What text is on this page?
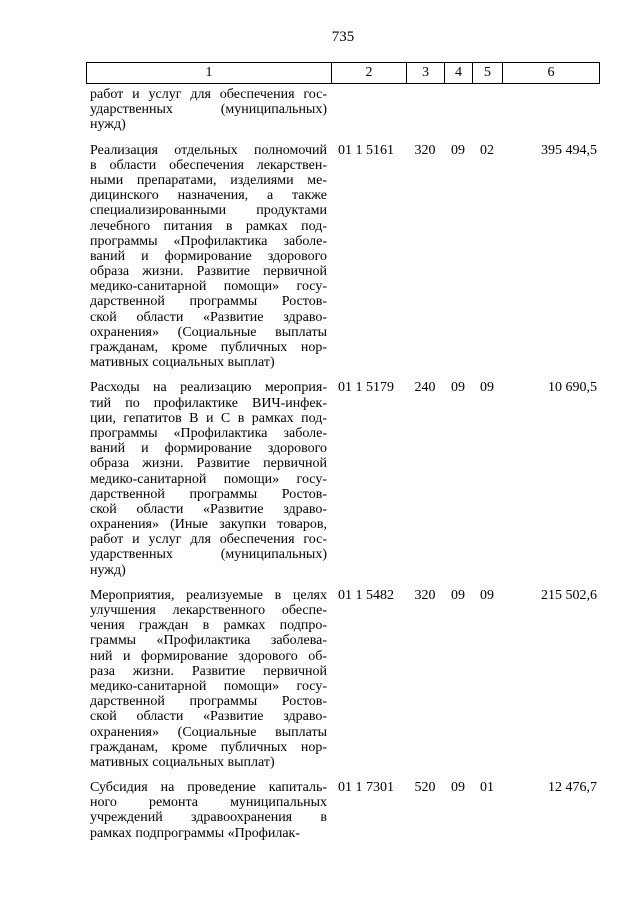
735
1	2	3	4	5	6
работ и услуг для обеспечения гос-
ударственных (муниципальных)
нужд)
Реализация отдельных полномочий
в области обеспечения лекарствен-
ными препаратами, изделиями ме-
дицинского назначения, а также
специализированными продуктами
лечебного питания в рамках под-
программы «Профилактика заболе-
ваний и формирование здорового
образа жизни. Развитие первичной
медико-санитарной помощи» госу-
дарственной программы Ростов-
ской области «Развитие здраво-
охранения» (Социальные выплаты
гражданам, кроме публичных нор-
мативных социальных выплат)
01 1 5161	320	09	02	395 494,5
Расходы на реализацию мероприя-
тий по профилактике ВИЧ-инфек-
ции, гепатитов В и С в рамках под-
программы «Профилактика заболе-
ваний и формирование здорового
образа жизни. Развитие первичной
медико-санитарной помощи» госу-
дарственной программы Ростов-
ской области «Развитие здраво-
охранения» (Иные закупки товаров,
работ и услуг для обеспечения гос-
ударственных (муниципальных)
нужд)
01 1 5179	240	09	09	10 690,5
Мероприятия, реализуемые в целях
улучшения лекарственного обеспе-
чения граждан в рамках подпро-
граммы «Профилактика заболева-
ний и формирование здорового об-
раза жизни. Развитие первичной
медико-санитарной помощи» госу-
дарственной программы Ростов-
ской области «Развитие здраво-
охранения» (Социальные выплаты
гражданам, кроме публичных нор-
мативных социальных выплат)
01 1 5482	320	09	09	215 502,6
Субсидия на проведение капиталь-
ного ремонта муниципальных
учреждений здравоохранения в
рамках подпрограммы «Профилак-
01 1 7301	520	09	01	12 476,7
